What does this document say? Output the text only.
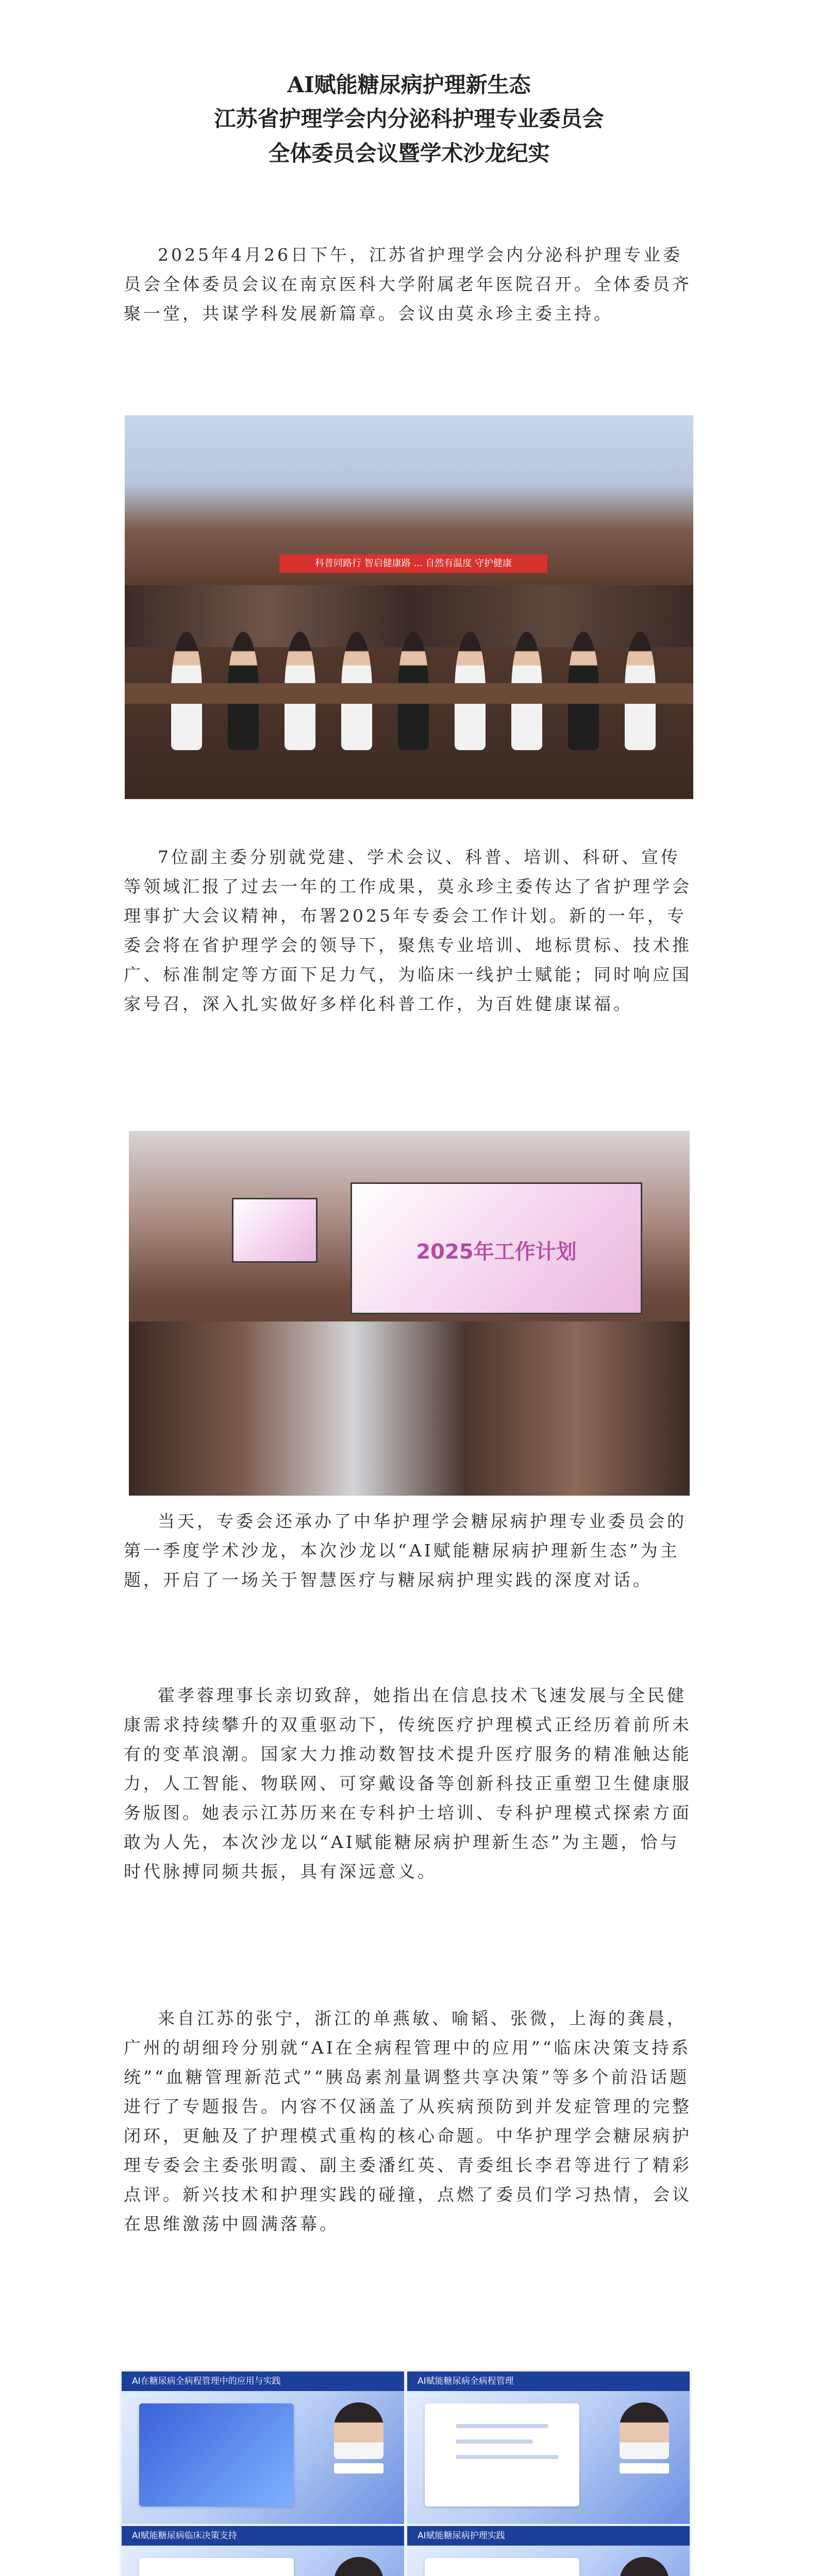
AI赋能糖尿病护理新生态
江苏省护理学会内分泌科护理专业委员会
全体委员会议暨学术沙龙纪实

2025年4月26日下午，江苏省护理学会内分泌科护理专业委员会全体委员会议在南京医科大学附属老年医院召开。全体委员齐聚一堂，共谋学科发展新篇章。会议由莫永珍主委主持。

科普同路行 智启健康路 ... 自然有温度 守护健康

7位副主委分别就党建、学术会议、科普、培训、科研、宣传等领域汇报了过去一年的工作成果，莫永珍主委传达了省护理学会理事扩大会议精神，布署2025年专委会工作计划。新的一年，专委会将在省护理学会的领导下，聚焦专业培训、地标贯标、技术推广、标准制定等方面下足力气，为临床一线护士赋能；同时响应国家号召，深入扎实做好多样化科普工作，为百姓健康谋福。

2025年工作计划

当天，专委会还承办了中华护理学会糖尿病护理专业委员会的第一季度学术沙龙，本次沙龙以“AI赋能糖尿病护理新生态”为主题，开启了一场关于智慧医疗与糖尿病护理实践的深度对话。

霍孝蓉理事长亲切致辞，她指出在信息技术飞速发展与全民健康需求持续攀升的双重驱动下，传统医疗护理模式正经历着前所未有的变革浪潮。国家大力推动数智技术提升医疗服务的精准触达能力，人工智能、物联网、可穿戴设备等创新科技正重塑卫生健康服务版图。她表示江苏历来在专科护士培训、专科护理模式探索方面敢为人先，本次沙龙以“AI赋能糖尿病护理新生态”为主题，恰与时代脉搏同频共振，具有深远意义。

来自江苏的张宁，浙江的单燕敏、喻韬、张微，上海的龚晨，广州的胡细玲分别就“AI在全病程管理中的应用”“临床决策支持系统”“血糖管理新范式”“胰岛素剂量调整共享决策”等多个前沿话题进行了专题报告。内容不仅涵盖了从疾病预防到并发症管理的完整闭环，更触及了护理模式重构的核心命题。中华护理学会糖尿病护理专委会主委张明霞、副主委潘红英、青委组长李君等进行了精彩点评。新兴技术和护理实践的碰撞，点燃了委员们学习热情，会议在思维激荡中圆满落幕。

AI在糖尿病全病程管理中的应用与实践	AI赋能糖尿病全病程管理
AI赋能糖尿病临床决策支持	AI赋能糖尿病护理实践
